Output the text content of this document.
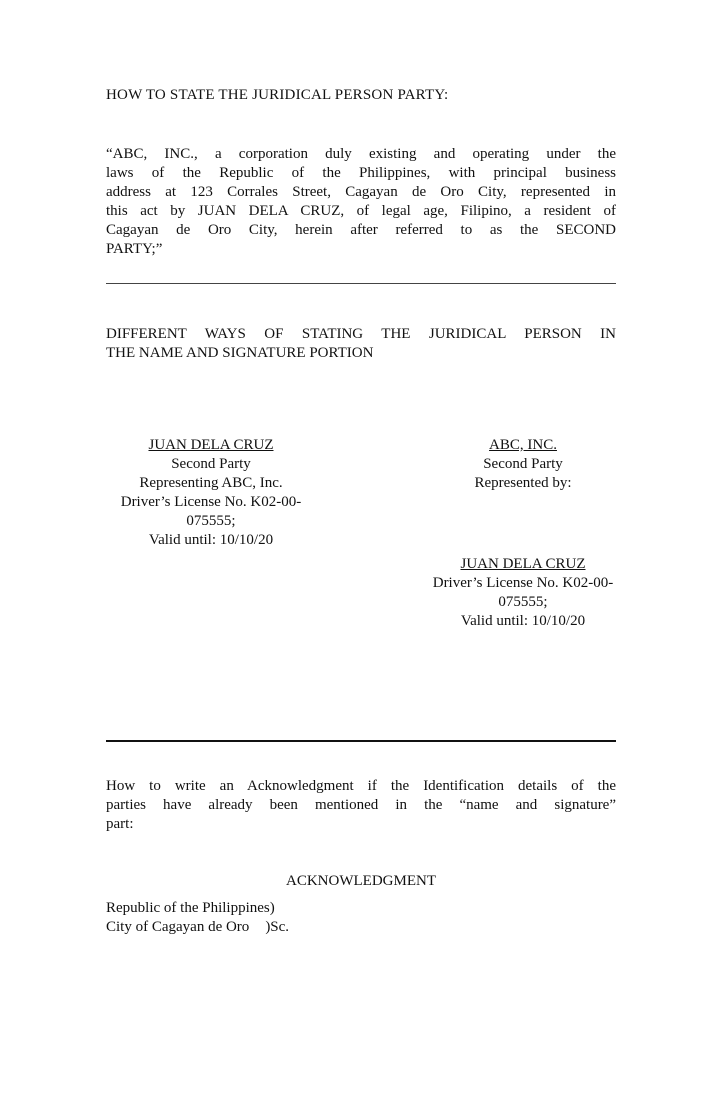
HOW TO STATE THE JURIDICAL PERSON PARTY:
“ABC, INC., a corporation duly existing and operating under the
laws of the Republic of the Philippines, with principal business
address at 123 Corrales Street, Cagayan de Oro City, represented in
this act by JUAN DELA CRUZ, of legal age, Filipino, a resident of
Cagayan de Oro City, herein after referred to as the SECOND
PARTY;”
DIFFERENT WAYS OF STATING THE JURIDICAL PERSON IN
THE NAME AND SIGNATURE PORTION
JUAN DELA CRUZ
Second Party
Representing ABC, Inc.
Driver’s License No. K02-00-
075555;
Valid until: 10/10/20
ABC, INC.
Second Party
Represented by:
JUAN DELA CRUZ
Driver’s License No. K02-00-
075555;
Valid until: 10/10/20
How to write an Acknowledgment if the Identification details of the
parties have already been mentioned in the “name and signature”
part:
ACKNOWLEDGMENT
Republic of the Philippines)
City of Cagayan de Oro )Sc.
